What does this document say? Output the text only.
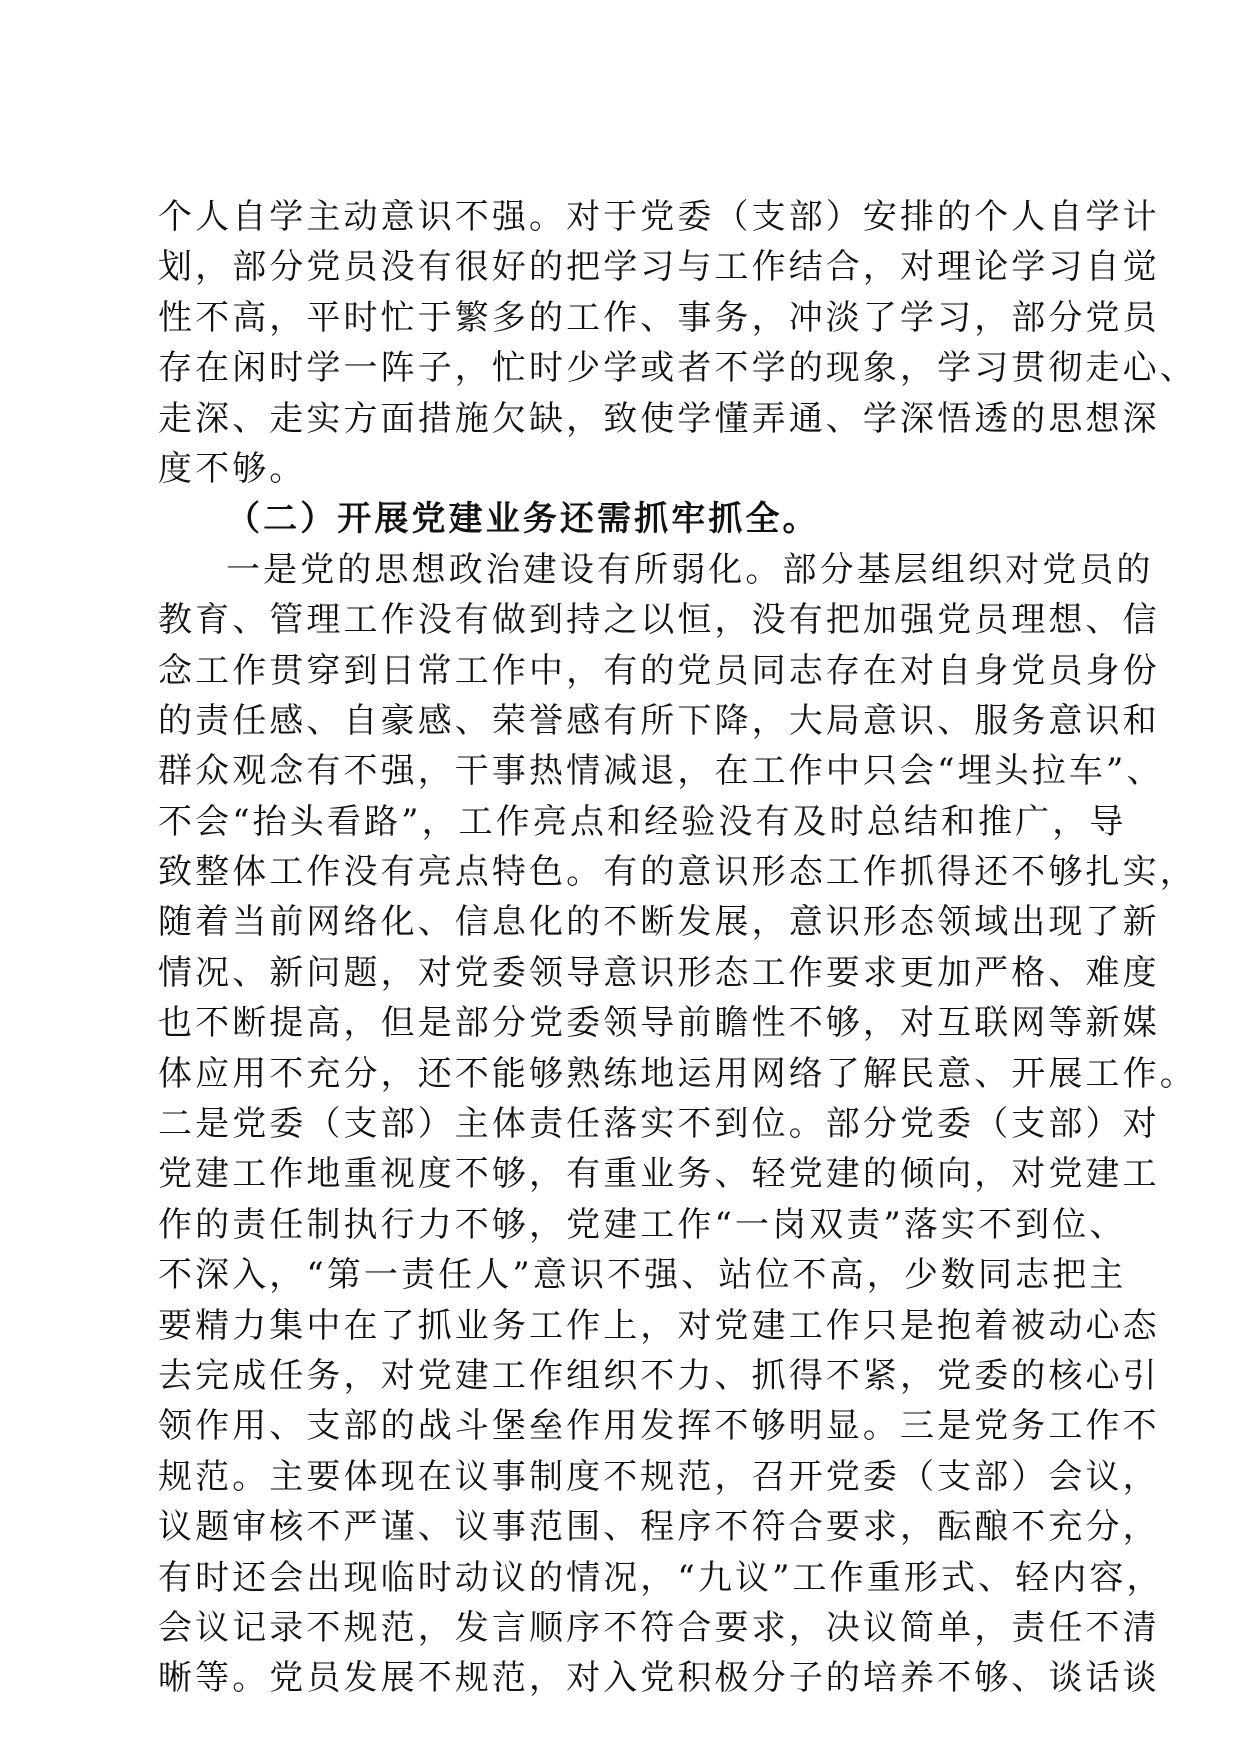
个人自学主动意识不强。对于党委（支部）安排的个人自学计
划，部分党员没有很好的把学习与工作结合，对理论学习自觉
性不高，平时忙于繁多的工作、事务，冲淡了学习，部分党员
存在闲时学一阵子，忙时少学或者不学的现象，学习贯彻走心、
走深、走实方面措施欠缺，致使学懂弄通、学深悟透的思想深
度不够。
（二）开展党建业务还需抓牢抓全。
一是党的思想政治建设有所弱化。部分基层组织对党员的
教育、管理工作没有做到持之以恒，没有把加强党员理想、信
念工作贯穿到日常工作中，有的党员同志存在对自身党员身份
的责任感、自豪感、荣誉感有所下降，大局意识、服务意识和
群众观念有不强，干事热情减退，在工作中只会“埋头拉车”、
不会“抬头看路”，工作亮点和经验没有及时总结和推广，导
致整体工作没有亮点特色。有的意识形态工作抓得还不够扎实，
随着当前网络化、信息化的不断发展，意识形态领域出现了新
情况、新问题，对党委领导意识形态工作要求更加严格、难度
也不断提高，但是部分党委领导前瞻性不够，对互联网等新媒
体应用不充分，还不能够熟练地运用网络了解民意、开展工作。
二是党委（支部）主体责任落实不到位。部分党委（支部）对
党建工作地重视度不够，有重业务、轻党建的倾向，对党建工
作的责任制执行力不够，党建工作“一岗双责”落实不到位、
不深入，“第一责任人”意识不强、站位不高，少数同志把主
要精力集中在了抓业务工作上，对党建工作只是抱着被动心态
去完成任务，对党建工作组织不力、抓得不紧，党委的核心引
领作用、支部的战斗堡垒作用发挥不够明显。三是党务工作不
规范。主要体现在议事制度不规范，召开党委（支部）会议，
议题审核不严谨、议事范围、程序不符合要求，酝酿不充分，
有时还会出现临时动议的情况，“九议”工作重形式、轻内容，
会议记录不规范，发言顺序不符合要求，决议简单，责任不清
晰等。党员发展不规范，对入党积极分子的培养不够、谈话谈
